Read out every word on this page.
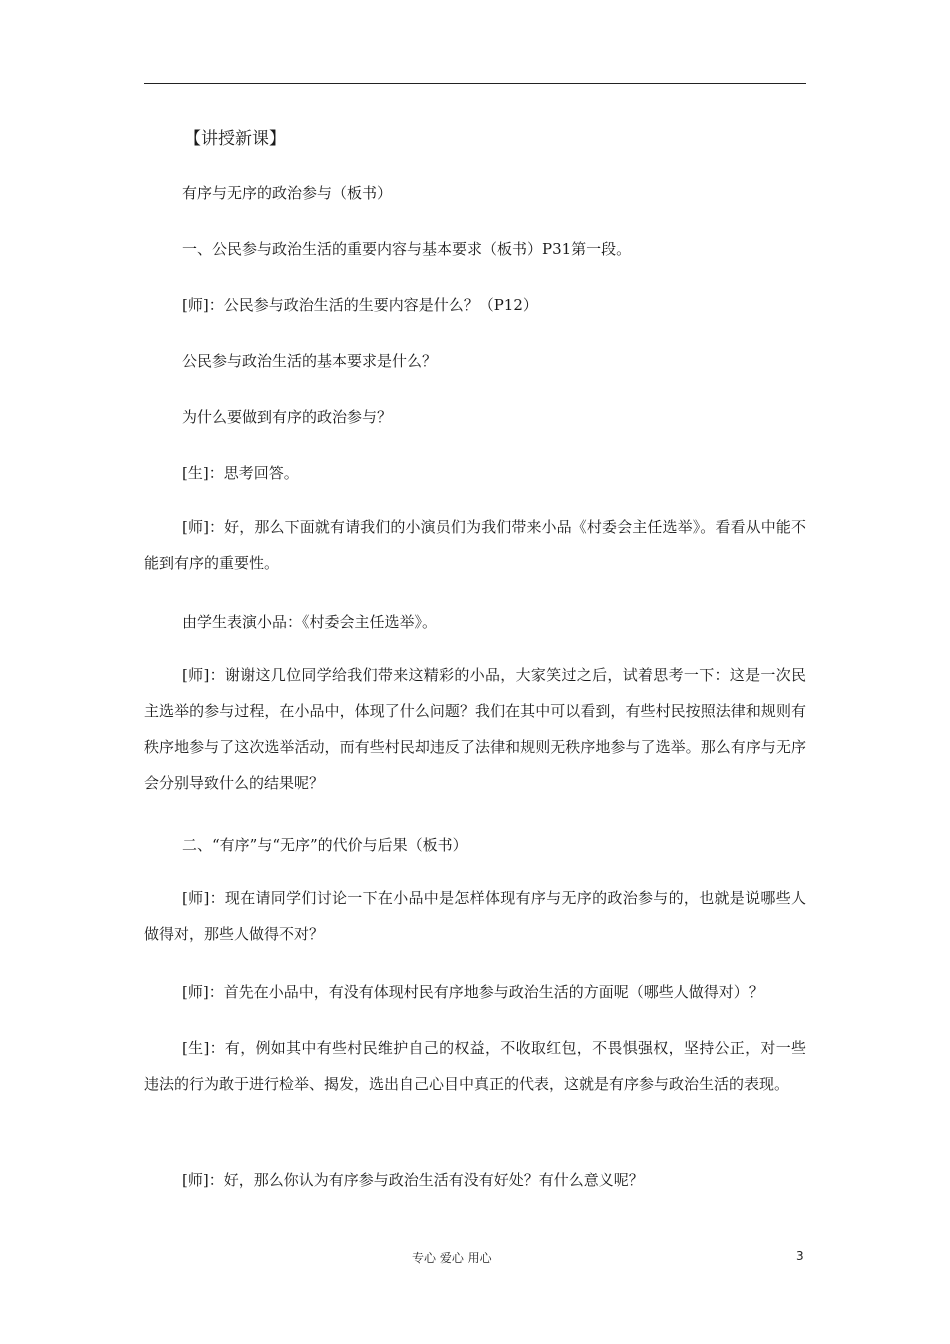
【讲授新课】
有序与无序的政治参与（板书）
一、公民参与政治生活的重要内容与基本要求（板书）P31第一段。
[师]：公民参与政治生活的生要内容是什么？（P12）
公民参与政治生活的基本要求是什么？
为什么要做到有序的政治参与？
[生]：思考回答。
[师]：好，那么下面就有请我们的小演员们为我们带来小品《村委会主任选举》。看看从中能不能到有序的重要性。
由学生表演小品：《村委会主任选举》。
[师]：谢谢这几位同学给我们带来这精彩的小品，大家笑过之后，试着思考一下：这是一次民主选举的参与过程，在小品中，体现了什么问题？我们在其中可以看到，有些村民按照法律和规则有秩序地参与了这次选举活动，而有些村民却违反了法律和规则无秩序地参与了选举。那么有序与无序会分别导致什么的结果呢？
二、“有序”与“无序”的代价与后果（板书）
[师]：现在请同学们讨论一下在小品中是怎样体现有序与无序的政治参与的，也就是说哪些人做得对，那些人做得不对？
[师]：首先在小品中，有没有体现村民有序地参与政治生活的方面呢（哪些人做得对）？
[生]：有，例如其中有些村民维护自己的权益，不收取红包，不畏惧强权，坚持公正，对一些违法的行为敢于进行检举、揭发，选出自己心目中真正的代表，这就是有序参与政治生活的表现。
[师]：好，那么你认为有序参与政治生活有没有好处？有什么意义呢？
专心 爱心 用心	3
